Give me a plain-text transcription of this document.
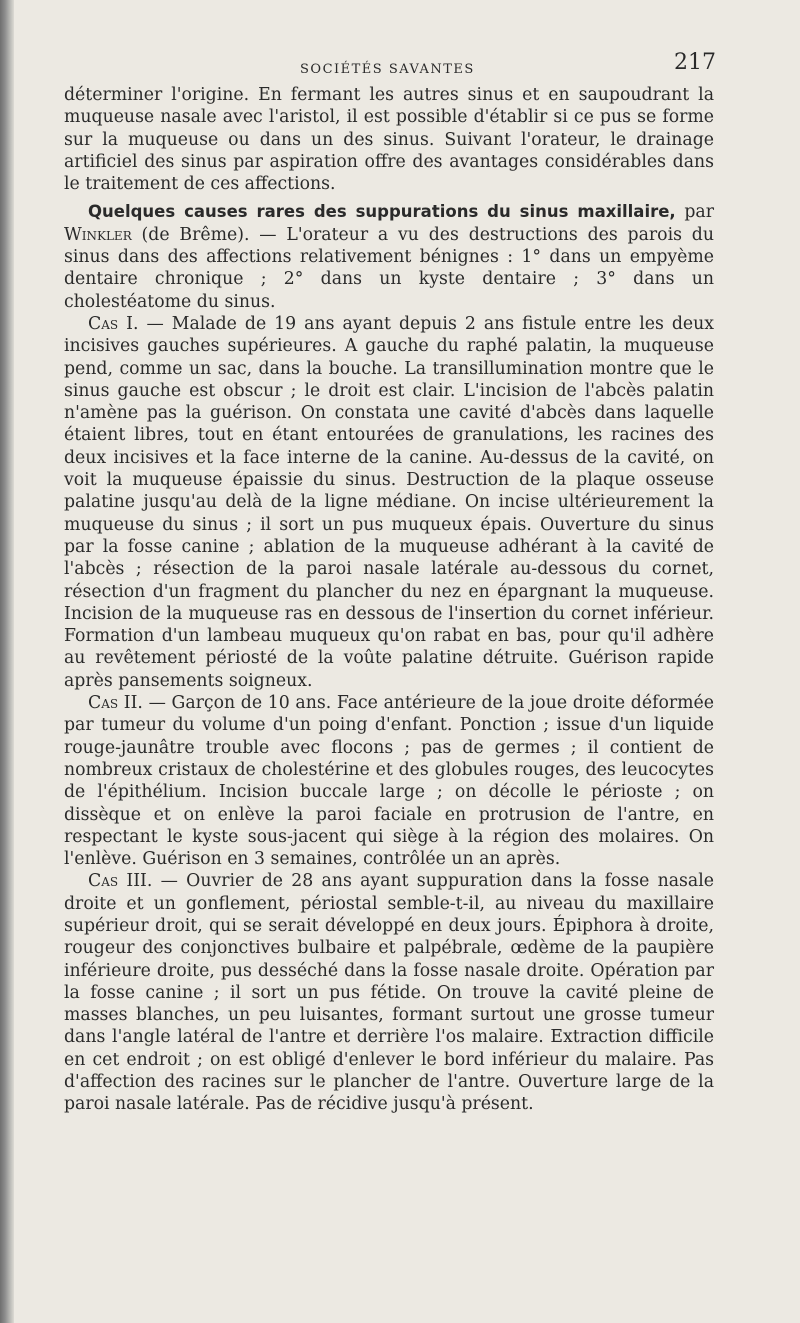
SOCIÉTÉS SAVANTES	217

déterminer l'origine. En fermant les autres sinus et en saupoudrant la muqueuse nasale avec l'aristol, il est possible d'établir si ce pus se forme sur la muqueuse ou dans un des sinus. Suivant l'orateur, le drainage artificiel des sinus par aspiration offre des avantages considérables dans le traitement de ces affections.

Quelques causes rares des suppurations du sinus maxillaire, par Winkler (de Brême). — L'orateur a vu des destructions des parois du sinus dans des affections relativement bénignes : 1° dans un empyème dentaire chronique ; 2° dans un kyste dentaire ; 3° dans un cholestéatome du sinus.

Cas I. — Malade de 19 ans ayant depuis 2 ans fistule entre les deux incisives gauches supérieures. A gauche du raphé palatin, la muqueuse pend, comme un sac, dans la bouche. La transillumination montre que le sinus gauche est obscur ; le droit est clair. L'incision de l'abcès palatin n'amène pas la guérison. On constata une cavité d'abcès dans laquelle étaient libres, tout en étant entourées de granulations, les racines des deux incisives et la face interne de la canine. Au-dessus de la cavité, on voit la muqueuse épaissie du sinus. Destruction de la plaque osseuse palatine jusqu'au delà de la ligne médiane. On incise ultérieurement la muqueuse du sinus ; il sort un pus muqueux épais. Ouverture du sinus par la fosse canine ; ablation de la muqueuse adhérant à la cavité de l'abcès ; résection de la paroi nasale latérale au-dessous du cornet, résection d'un fragment du plancher du nez en épargnant la muqueuse. Incision de la muqueuse ras en dessous de l'insertion du cornet inférieur. Formation d'un lambeau muqueux qu'on rabat en bas, pour qu'il adhère au revêtement périosté de la voûte palatine détruite. Guérison rapide après pansements soigneux.

Cas II. — Garçon de 10 ans. Face antérieure de la joue droite déformée par tumeur du volume d'un poing d'enfant. Ponction ; issue d'un liquide rouge-jaunâtre trouble avec flocons ; pas de germes ; il contient de nombreux cristaux de cholestérine et des globules rouges, des leucocytes de l'épithélium. Incision buccale large ; on décolle le périoste ; on dissèque et on enlève la paroi faciale en protrusion de l'antre, en respectant le kyste sous-jacent qui siège à la région des molaires. On l'enlève. Guérison en 3 semaines, contrôlée un an après.

Cas III. — Ouvrier de 28 ans ayant suppuration dans la fosse nasale droite et un gonflement, périostal semble-t-il, au niveau du maxillaire supérieur droit, qui se serait développé en deux jours. Épiphora à droite, rougeur des conjonctives bulbaire et palpébrale, œdème de la paupière inférieure droite, pus desséché dans la fosse nasale droite. Opération par la fosse canine ; il sort un pus fétide. On trouve la cavité pleine de masses blanches, un peu luisantes, formant surtout une grosse tumeur dans l'angle latéral de l'antre et derrière l'os malaire. Extraction difficile en cet endroit ; on est obligé d'enlever le bord inférieur du malaire. Pas d'affection des racines sur le plancher de l'antre. Ouverture large de la paroi nasale latérale. Pas de récidive jusqu'à présent.
